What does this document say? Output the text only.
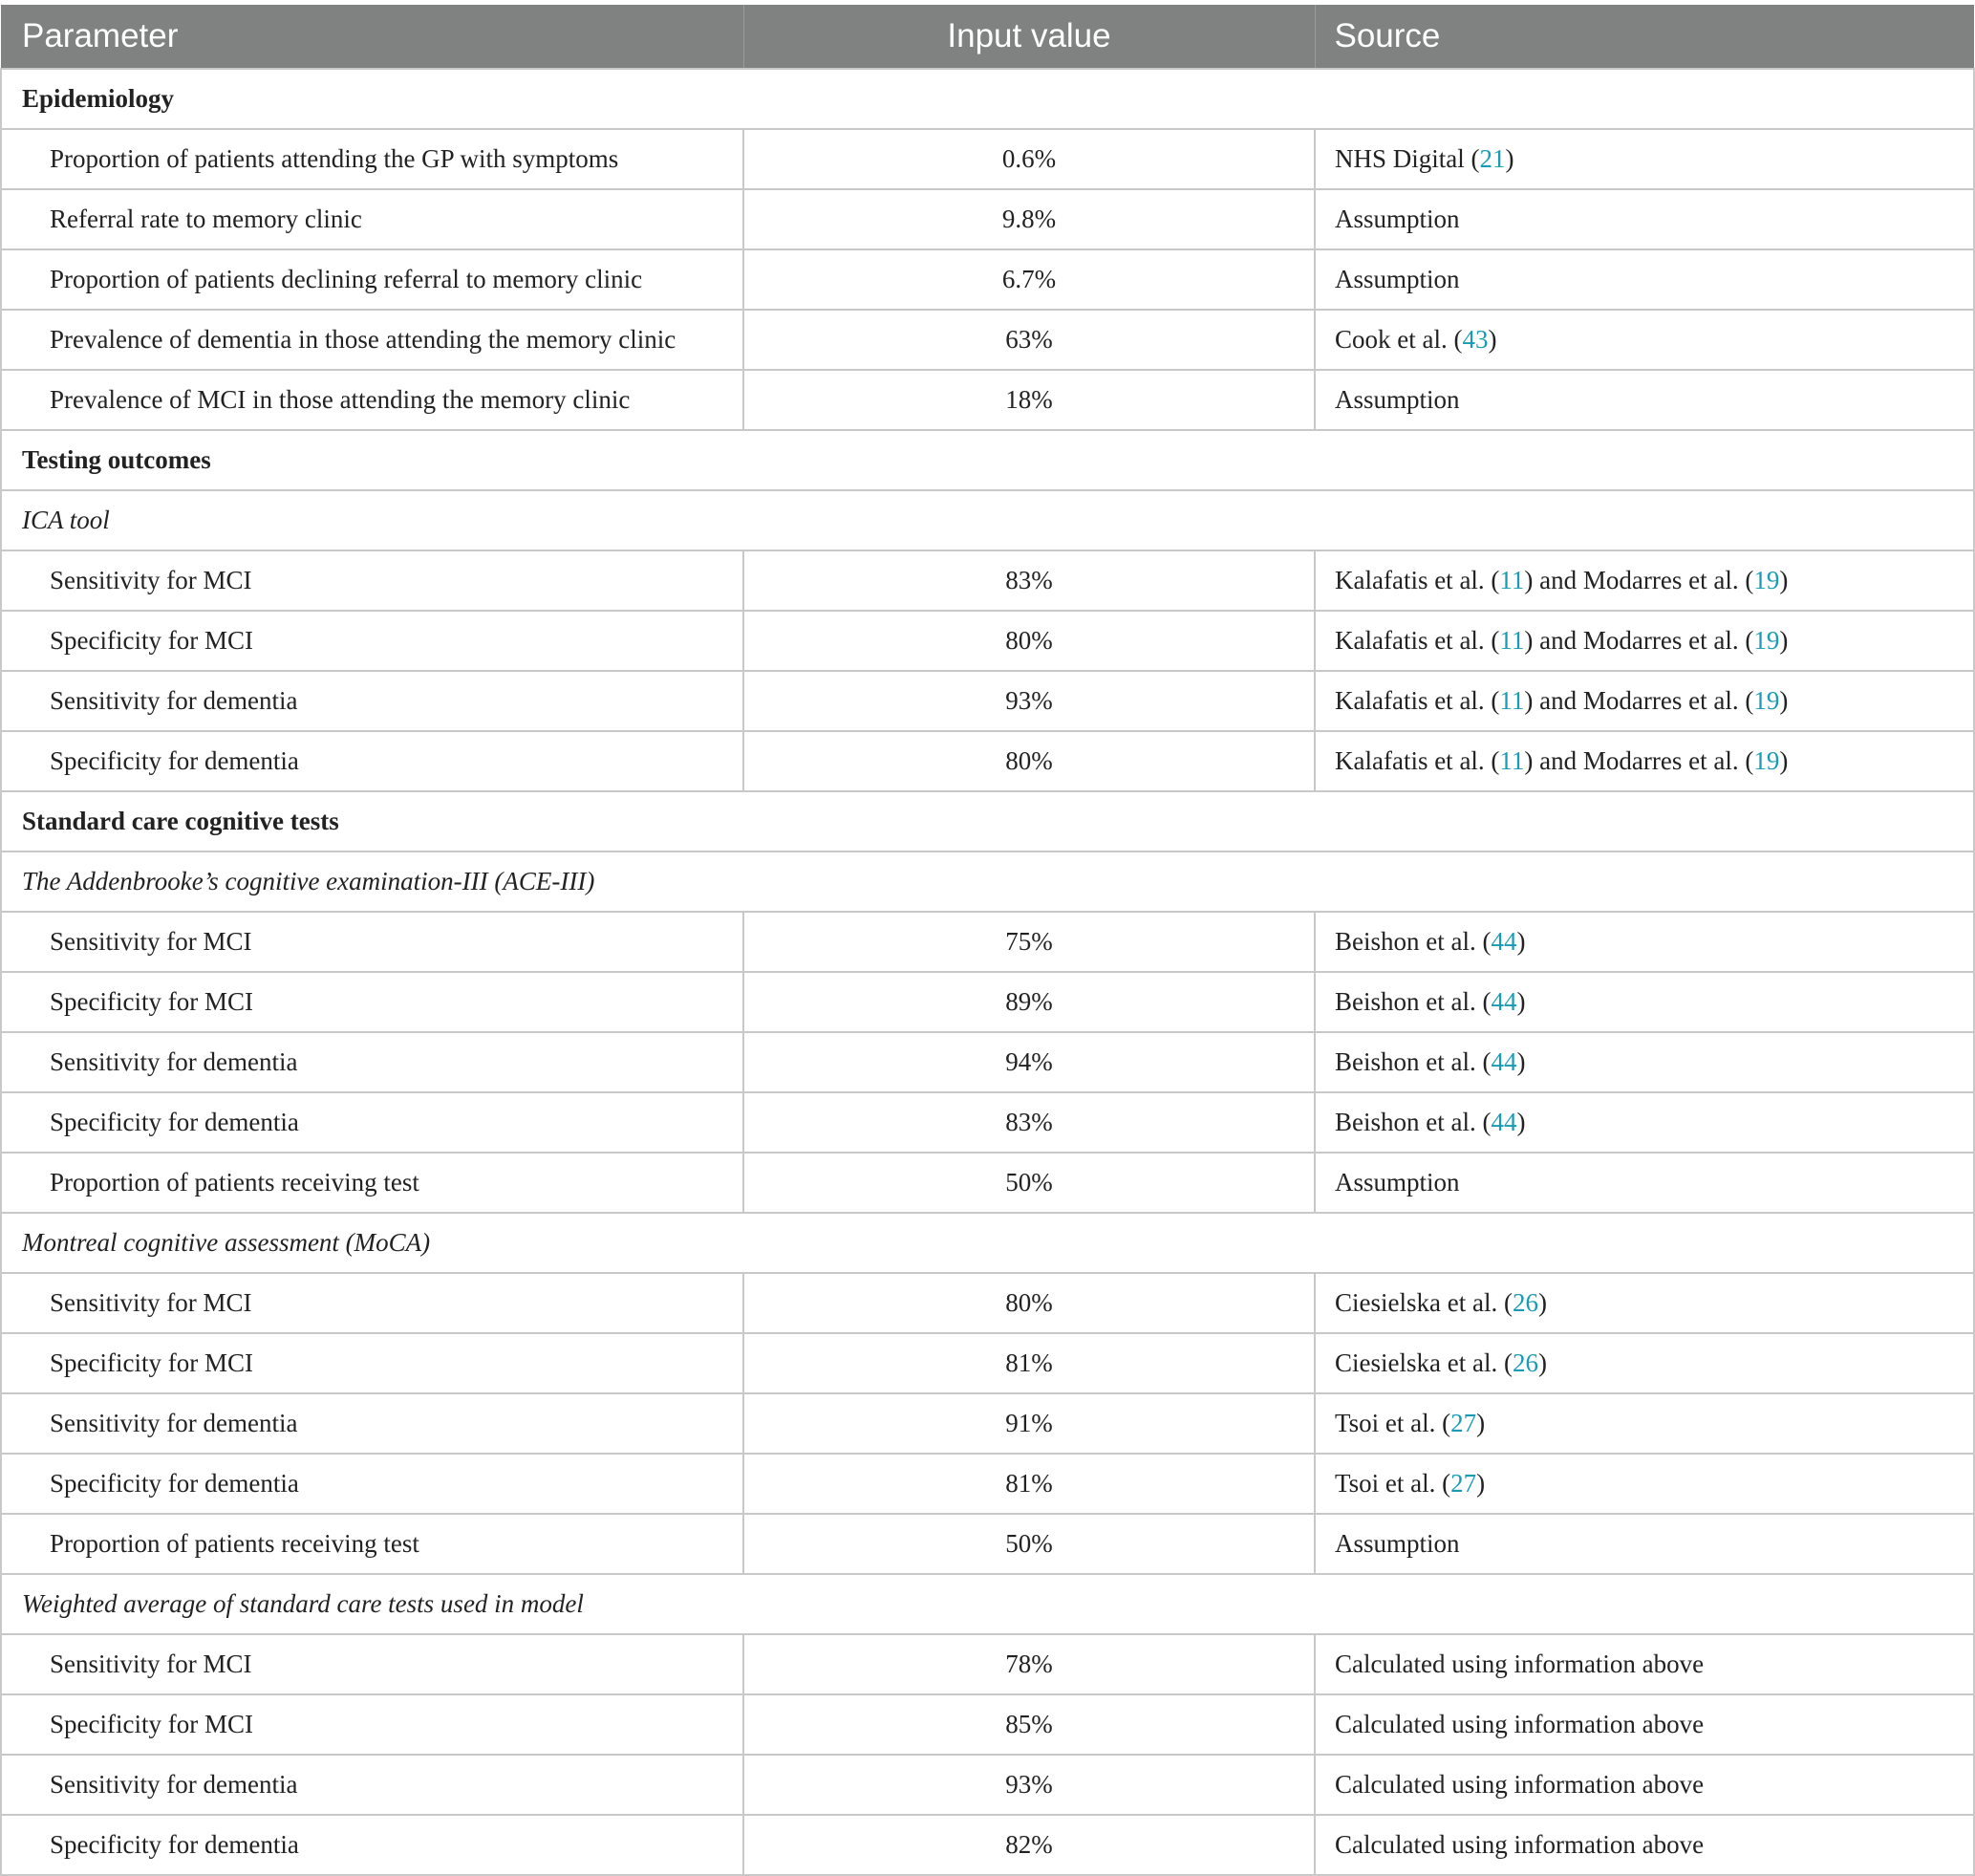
Parameter	Input value	Source
Epidemiology		
Proportion of patients attending the GP with symptoms	0.6%	NHS Digital (21)
Referral rate to memory clinic	9.8%	Assumption
Proportion of patients declining referral to memory clinic	6.7%	Assumption
Prevalence of dementia in those attending the memory clinic	63%	Cook et al. (43)
Prevalence of MCI in those attending the memory clinic	18%	Assumption
Testing outcomes		
ICA tool		
Sensitivity for MCI	83%	Kalafatis et al. (11) and Modarres et al. (19)
Specificity for MCI	80%	Kalafatis et al. (11) and Modarres et al. (19)
Sensitivity for dementia	93%	Kalafatis et al. (11) and Modarres et al. (19)
Specificity for dementia	80%	Kalafatis et al. (11) and Modarres et al. (19)
Standard care cognitive tests		
The Addenbrooke’s cognitive examination-III (ACE-III)		
Sensitivity for MCI	75%	Beishon et al. (44)
Specificity for MCI	89%	Beishon et al. (44)
Sensitivity for dementia	94%	Beishon et al. (44)
Specificity for dementia	83%	Beishon et al. (44)
Proportion of patients receiving test	50%	Assumption
Montreal cognitive assessment (MoCA)		
Sensitivity for MCI	80%	Ciesielska et al. (26)
Specificity for MCI	81%	Ciesielska et al. (26)
Sensitivity for dementia	91%	Tsoi et al. (27)
Specificity for dementia	81%	Tsoi et al. (27)
Proportion of patients receiving test	50%	Assumption
Weighted average of standard care tests used in model		
Sensitivity for MCI	78%	Calculated using information above
Specificity for MCI	85%	Calculated using information above
Sensitivity for dementia	93%	Calculated using information above
Specificity for dementia	82%	Calculated using information above
